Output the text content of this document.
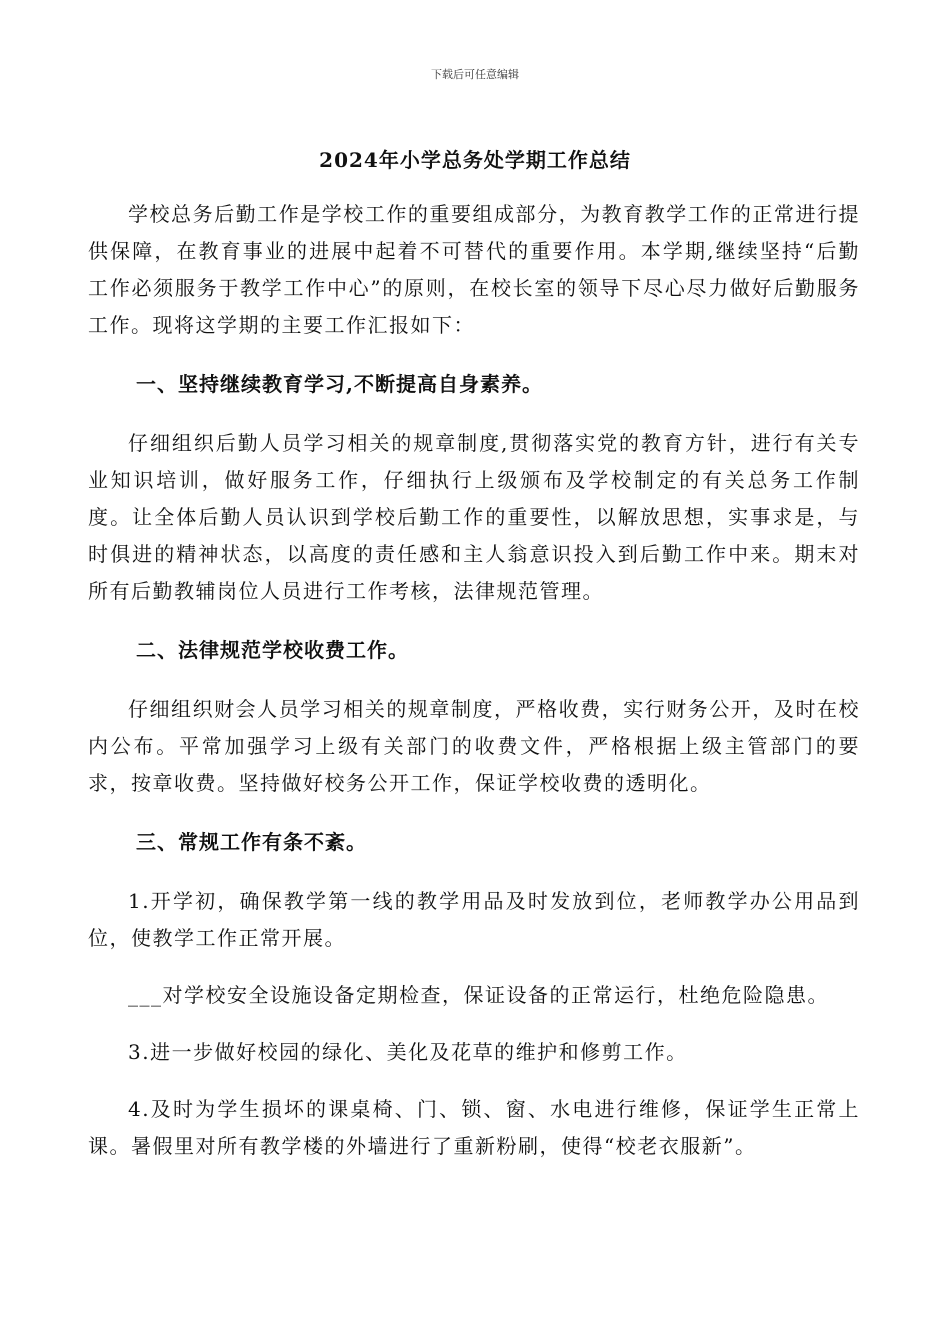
下载后可任意编辑
2024年小学总务处学期工作总结

学校总务后勤工作是学校工作的重要组成部分，为教育教学工作的正常进行提供保障，在教育事业的进展中起着不可替代的重要作用。本学期,继续坚持“后勤工作必须服务于教学工作中心”的原则，在校长室的领导下尽心尽力做好后勤服务工作。现将这学期的主要工作汇报如下：

一、坚持继续教育学习,不断提高自身素养。

仔细组织后勤人员学习相关的规章制度,贯彻落实党的教育方针，进行有关专业知识培训，做好服务工作，仔细执行上级颁布及学校制定的有关总务工作制度。让全体后勤人员认识到学校后勤工作的重要性，以解放思想，实事求是，与时俱进的精神状态，以高度的责任感和主人翁意识投入到后勤工作中来。期末对所有后勤教辅岗位人员进行工作考核，法律规范管理。

二、法律规范学校收费工作。

仔细组织财会人员学习相关的规章制度，严格收费，实行财务公开，及时在校内公布。平常加强学习上级有关部门的收费文件，严格根据上级主管部门的要求，按章收费。坚持做好校务公开工作，保证学校收费的透明化。

三、常规工作有条不紊。

1.开学初，确保教学第一线的教学用品及时发放到位，老师教学办公用品到位，使教学工作正常开展。

___对学校安全设施设备定期检查，保证设备的正常运行，杜绝危险隐患。

3.进一步做好校园的绿化、美化及花草的维护和修剪工作。

4.及时为学生损坏的课桌椅、门、锁、窗、水电进行维修，保证学生正常上课。暑假里对所有教学楼的外墙进行了重新粉刷，使得“校老衣服新”。
